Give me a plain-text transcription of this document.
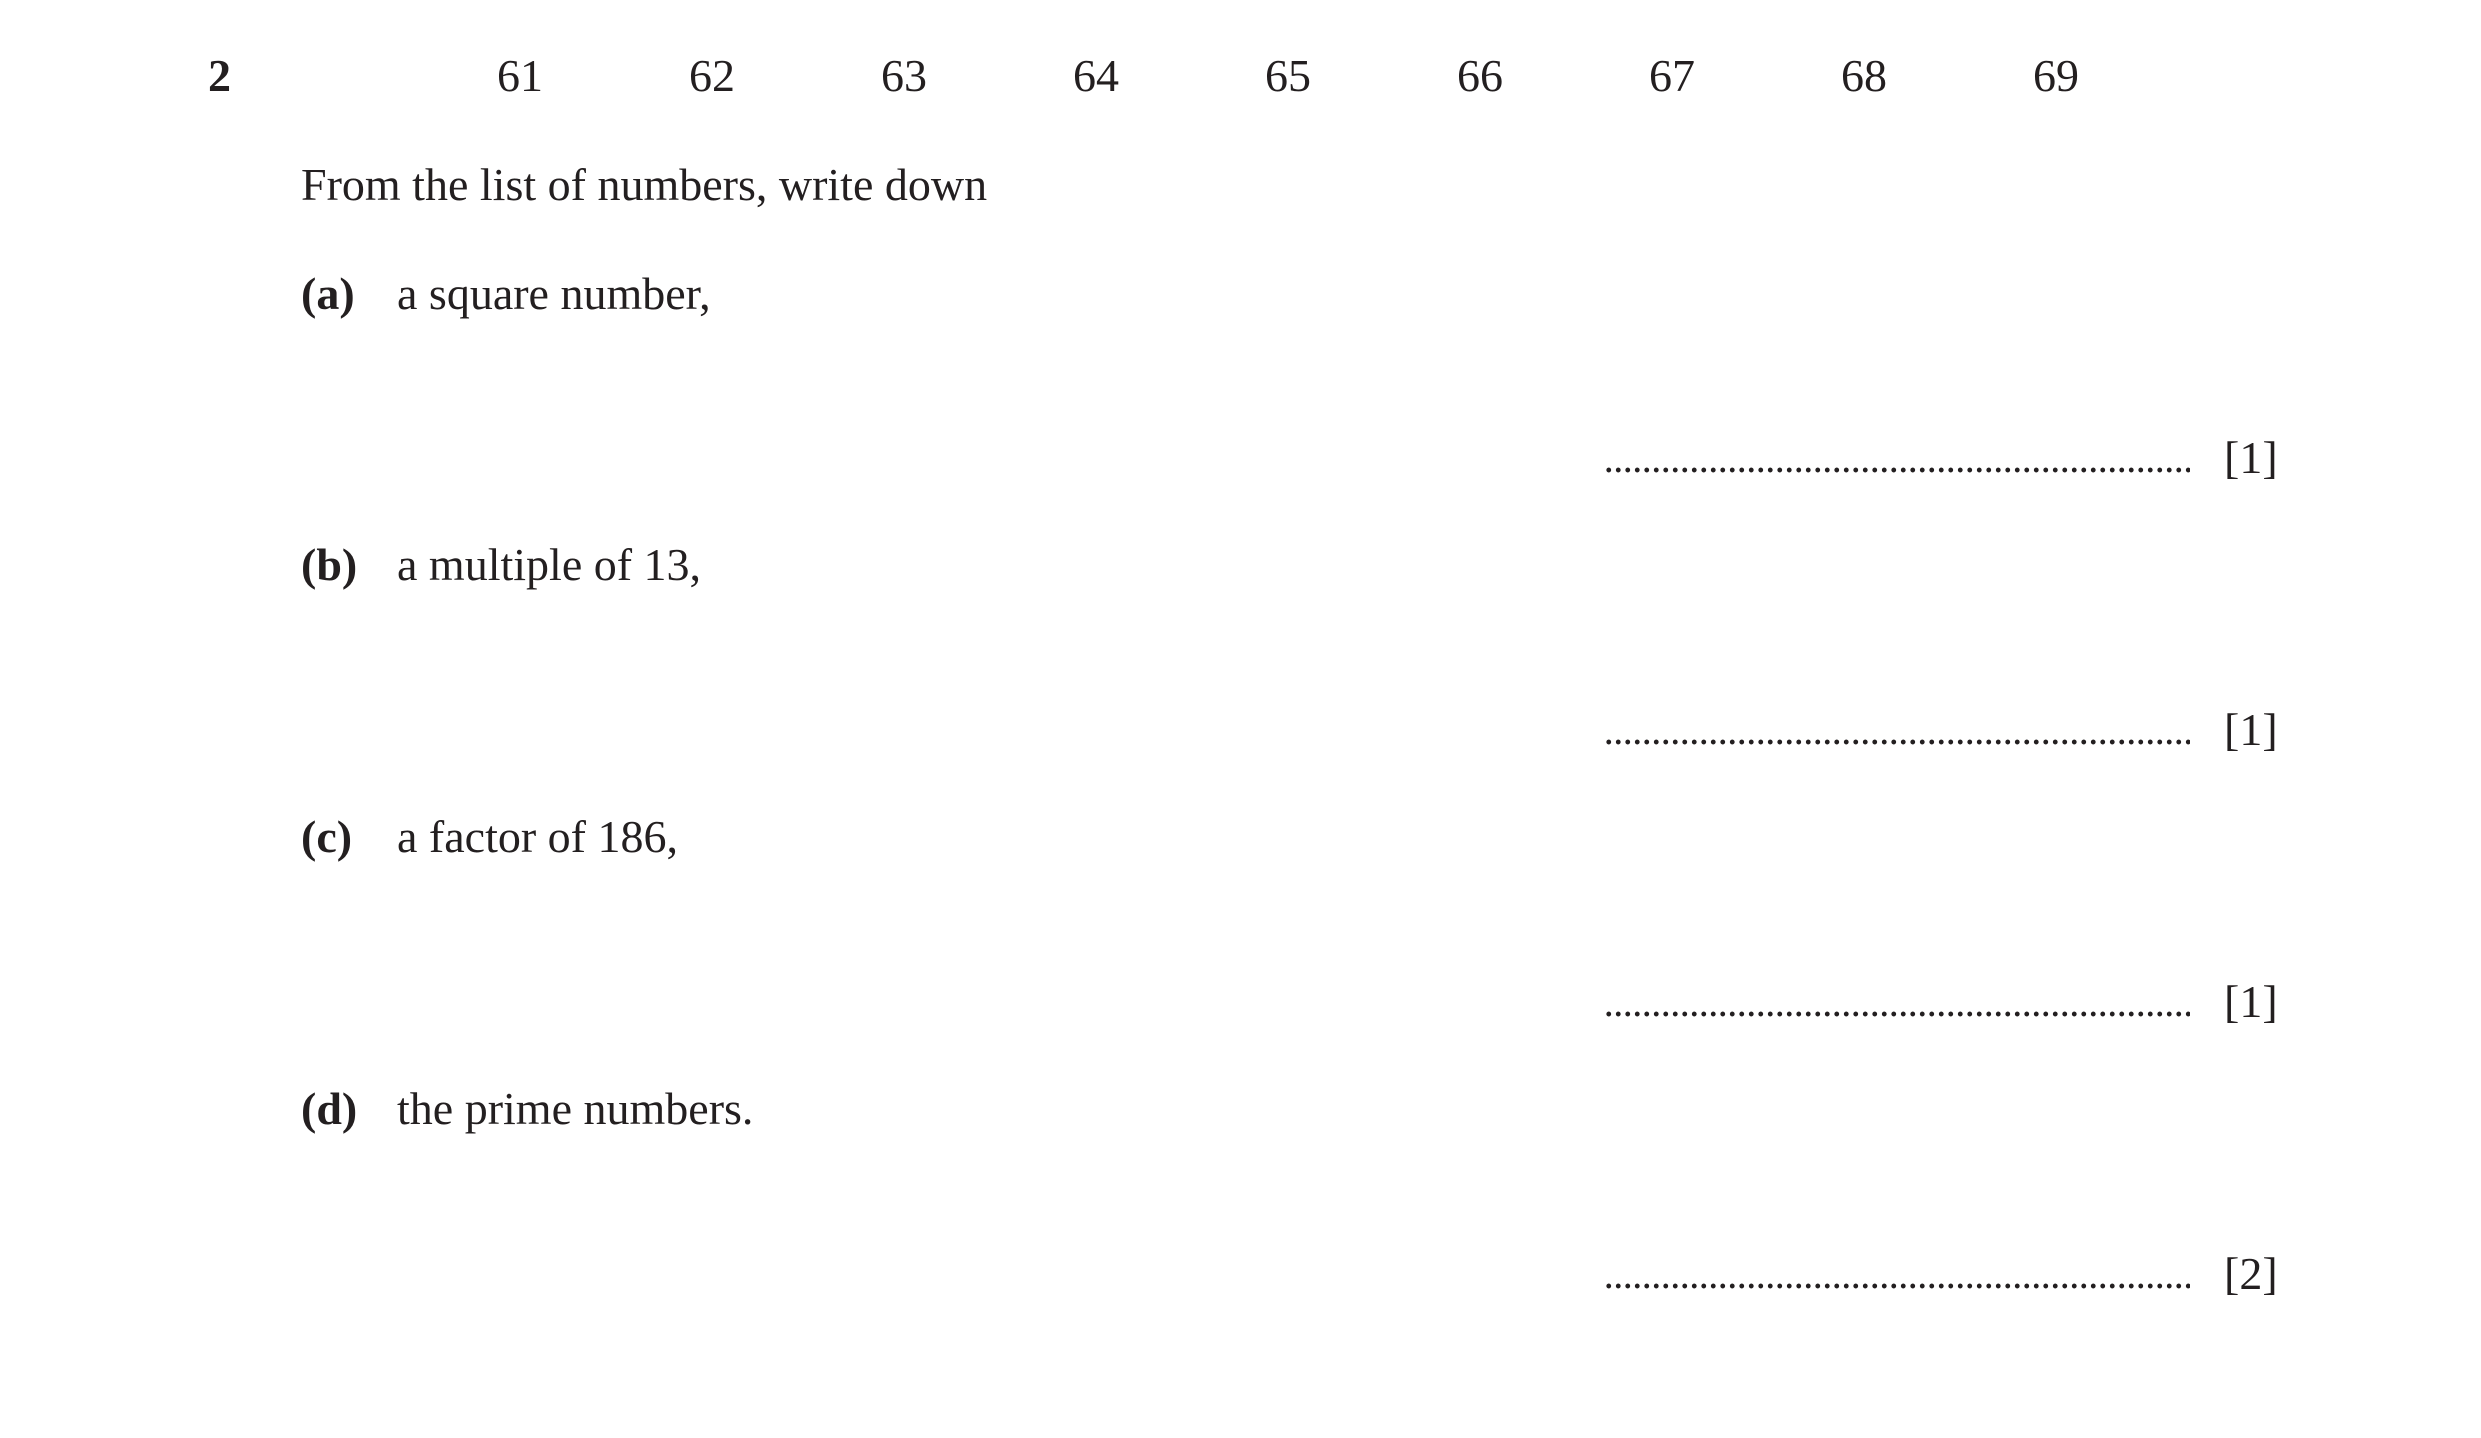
2	61	62	63	64	65	66	67	68	69
From the list of numbers, write down
(a) a square number,
[1]
(b) a multiple of 13,
[1]
(c) a factor of 186,
[1]
(d) the prime numbers.
[2]
